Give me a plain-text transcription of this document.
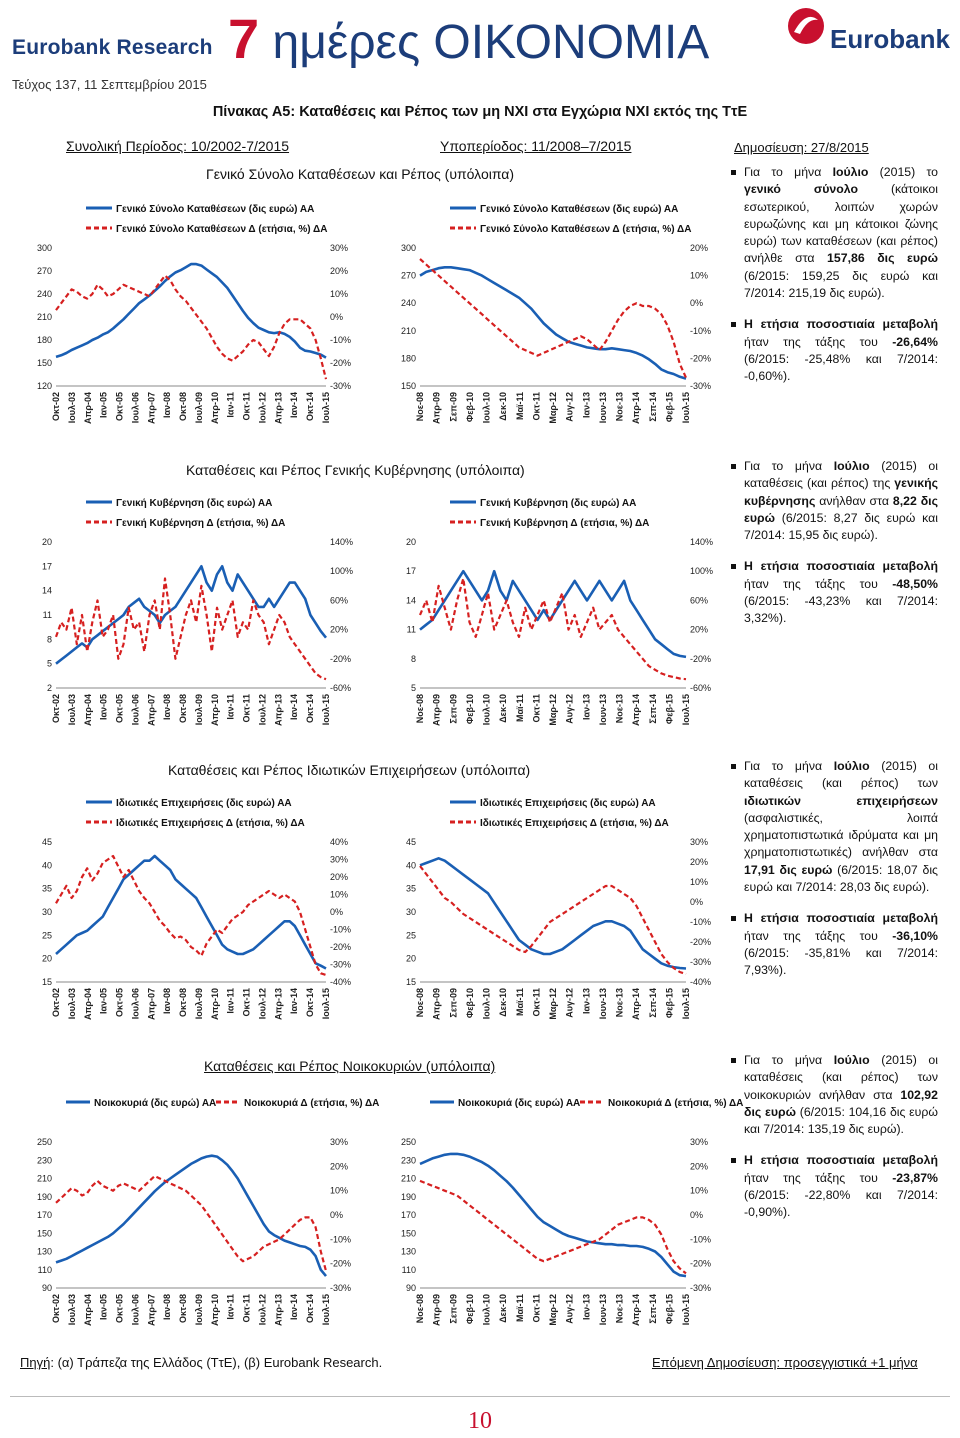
Eurobank Research
Τεύχος 137, 11 Σεπτεμβρίου 2015
7 ημέρες ΟΙΚΟΝΟΜΙΑ	Eurobank
Πίνακας Α5: Καταθέσεις και Ρέπος των μη ΝΧΙ στα Εγχώρια ΝΧΙ εκτός της ΤτΕ
Συνολική Περίοδος: 10/2002-7/2015	Υποπερίοδος: 11/2008–7/2015	Δημοσίευση: 27/8/2015
Γενικό Σύνολο Καταθέσεων και Ρέπος (υπόλοιπα)
Καταθέσεις και Ρέπος Γενικής Κυβέρνησης (υπόλοιπα)
Καταθέσεις και Ρέπος Ιδιωτικών Επιχειρήσεων (υπόλοιπα)
Καταθέσεις και Ρέπος Νοικοκυριών (υπόλοιπα)
Γενικό Σύνολο Καταθέσεων (δις ευρώ) ΑΑ
Γενικό Σύνολο Καταθέσεων Δ (ετήσια, %) ΔΑ
120
150
180
210
240
270
300
-30%
-20%
-10%
0%
10%
20%
30%
Οκτ-02 Ιουλ-03 Απρ-04 Ιαν-05 Οκτ-05 Ιουλ-06 Απρ-07 Ιαν-08 Οκτ-08 Ιουλ-09 Απρ-10 Ιαν-11 Οκτ-11 Ιουλ-12 Απρ-13 Ιαν-14 Οκτ-14 Ιουλ-15
Γενικό Σύνολο Καταθέσεων (δις ευρώ) ΑΑ
Γενικό Σύνολο Καταθέσεων Δ (ετήσια, %) ΔΑ
150
180
210
240
270
300
-30%
-20%
-10%
0%
10%
20%
Νοε-08 Απρ-09 Σεπ-09 Φεβ-10 Ιουλ-10 Δεκ-10 Μαϊ-11 Οκτ-11 Μαρ-12 Αυγ-12 Ιαν-13 Ιουν-13 Νοε-13 Απρ-14 Σεπ-14 Φεβ-15 Ιουλ-15
Γενική Κυβέρνηση (δις ευρώ) ΑΑ
Γενική Κυβέρνηση Δ (ετήσια, %) ΔΑ
2
5
8
11
14
17
20
-60%
-20%
20%
60%
100%
140%
Οκτ-02 Ιουλ-03 Απρ-04 Ιαν-05 Οκτ-05 Ιουλ-06 Απρ-07 Ιαν-08 Οκτ-08 Ιουλ-09 Απρ-10 Ιαν-11 Οκτ-11 Ιουλ-12 Απρ-13 Ιαν-14 Οκτ-14 Ιουλ-15
Γενική Κυβέρνηση (δις ευρώ) ΑΑ
Γενική Κυβέρνηση Δ (ετήσια, %) ΔΑ
5
8
11
14
17
20
-60%
-20%
20%
60%
100%
140%
Νοε-08 Απρ-09 Σεπ-09 Φεβ-10 Ιουλ-10 Δεκ-10 Μαϊ-11 Οκτ-11 Μαρ-12 Αυγ-12 Ιαν-13 Ιουν-13 Νοε-13 Απρ-14 Σεπ-14 Φεβ-15 Ιουλ-15
Ιδιωτικές Επιχειρήσεις (δις ευρώ) ΑΑ
Ιδιωτικές Επιχειρήσεις Δ (ετήσια, %) ΔΑ
15
20
25
30
35
40
45
-40%
-30%
-20%
-10%
0%
10%
20%
30%
40%
Οκτ-02 Ιουλ-03 Απρ-04 Ιαν-05 Οκτ-05 Ιουλ-06 Απρ-07 Ιαν-08 Οκτ-08 Ιουλ-09 Απρ-10 Ιαν-11 Οκτ-11 Ιουλ-12 Απρ-13 Ιαν-14 Οκτ-14 Ιουλ-15
Ιδιωτικές Επιχειρήσεις (δις ευρώ) ΑΑ
Ιδιωτικές Επιχειρήσεις Δ (ετήσια, %) ΔΑ
15
20
25
30
35
40
45
-40%
-30%
-20%
-10%
0%
10%
20%
30%
Νοε-08 Απρ-09 Σεπ-09 Φεβ-10 Ιουλ-10 Δεκ-10 Μαϊ-11 Οκτ-11 Μαρ-12 Αυγ-12 Ιαν-13 Ιουν-13 Νοε-13 Απρ-14 Σεπ-14 Φεβ-15 Ιουλ-15
Νοικοκυριά (δις ευρώ) ΑΑ	Νοικοκυριά Δ (ετήσια, %) ΔΑ
90
110
130
150
170
190
210
230
250
-30%
-20%
-10%
0%
10%
20%
30%
Οκτ-02 Ιουλ-03 Απρ-04 Ιαν-05 Οκτ-05 Ιουλ-06 Απρ-07 Ιαν-08 Οκτ-08 Ιουλ-09 Απρ-10 Ιαν-11 Οκτ-11 Ιουλ-12 Απρ-13 Ιαν-14 Οκτ-14 Ιουλ-15
Νοικοκυριά (δις ευρώ) ΑΑ	Νοικοκυριά Δ (ετήσια, %) ΔΑ
90
110
130
150
170
190
210
230
250
-30%
-20%
-10%
0%
10%
20%
30%
Νοε-08 Απρ-09 Σεπ-09 Φεβ-10 Ιουλ-10 Δεκ-10 Μαϊ-11 Οκτ-11 Μαρ-12 Αυγ-12 Ιαν-13 Ιουν-13 Νοε-13 Απρ-14 Σεπ-14 Φεβ-15 Ιουλ-15

Για το μήνα Ιούλιο (2015) το γενικό σύνολο (κάτοικοι εσωτερικού, λοιπών χωρών ευρωζώνης και μη κάτοικοι ζώνης ευρώ) των καταθέσεων (και ρέπος) ανήλθε στα 157,86 δις ευρώ (6/2015: 159,25 δις ευρώ και 7/2014: 215,19 δις ευρώ).

Η ετήσια ποσοστιαία μεταβολή ήταν της τάξης του -26,64% (6/2015: -25,48% και 7/2014: -0,60%).

Για το μήνα Ιούλιο (2015) οι καταθέσεις (και ρέπος) της γενικής κυβέρνησης ανήλθαν στα 8,22 δις ευρώ (6/2015: 8,27 δις ευρώ και 7/2014: 15,95 δις ευρώ).

Η ετήσια ποσοστιαία μεταβολή ήταν της τάξης του -48,50% (6/2015: -43,23% και 7/2014: 3,32%).

Για το μήνα Ιούλιο (2015) οι καταθέσεις (και ρέπος) των ιδιωτικών επιχειρήσεων (ασφαλιστικές, λοιπά χρηματοπιστωτικά ιδρύματα και μη χρηματοπιστωτικές) ανήλθαν στα 17,91 δις ευρώ (6/2015: 18,07 δις ευρώ και 7/2014: 28,03 δις ευρώ).

Η ετήσια ποσοστιαία μεταβολή ήταν της τάξης του -36,10% (6/2015: -35,81% και 7/2014: 7,93%).

Για το μήνα Ιούλιο (2015) οι καταθέσεις (και ρέπος) των νοικοκυριών ανήλθαν στα 102,92 δις ευρώ (6/2015: 104,16 δις ευρώ και 7/2014: 135,19 δις ευρώ).

Η ετήσια ποσοστιαία μεταβολή ήταν της τάξης του -23,87% (6/2015: -22,80% και 7/2014: -0,90%).

Πηγή: (α) Τράπεζα της Ελλάδος (ΤτΕ), (β) Eurobank Research.	Επόμενη Δημοσίευση: προσεγγιστικά +1 μήνα
10
